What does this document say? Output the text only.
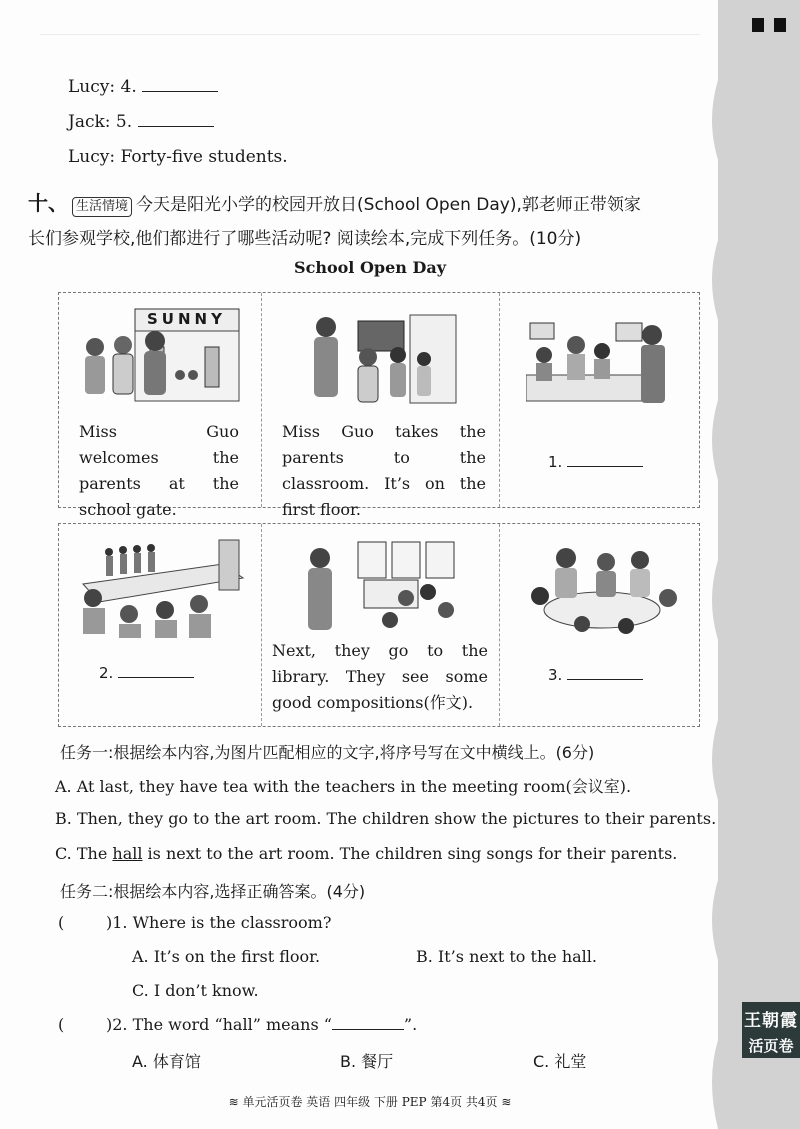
Lucy: 4.
Jack: 5.
Lucy: Forty-five students.
十、 生活情境 今天是阳光小学的校园开放日(School Open Day),郭老师正带领家
长们参观学校,他们都进行了哪些活动呢? 阅读绘本,完成下列任务。(10分)
School Open Day
SUNNY
Miss Guo welcomes the parents at the school gate.
Miss Guo takes the parents to the classroom. It’s on the first floor.
1.
2.
Next, they go to the library. They see some good compositions(作文).
3.
任务一:根据绘本内容,为图片匹配相应的文字,将序号写在文中横线上。(6分)
A. At last, they have tea with the teachers in the meeting room(会议室).
B. Then, they go to the art room. The children show the pictures to their parents.
C. The hall is next to the art room. The children sing songs for their parents.
任务二:根据绘本内容,选择正确答案。(4分)
(	)1. Where is the classroom?
A. It’s on the first floor.	B. It’s next to the hall.
C. I don’t know.
(	)2. The word “hall” means “	”.
A. 体育馆	B. 餐厅	C. 礼堂
王朝霞
活页卷
≋ 单元活页卷 英语 四年级 下册 PEP 第4页 共4页 ≋
